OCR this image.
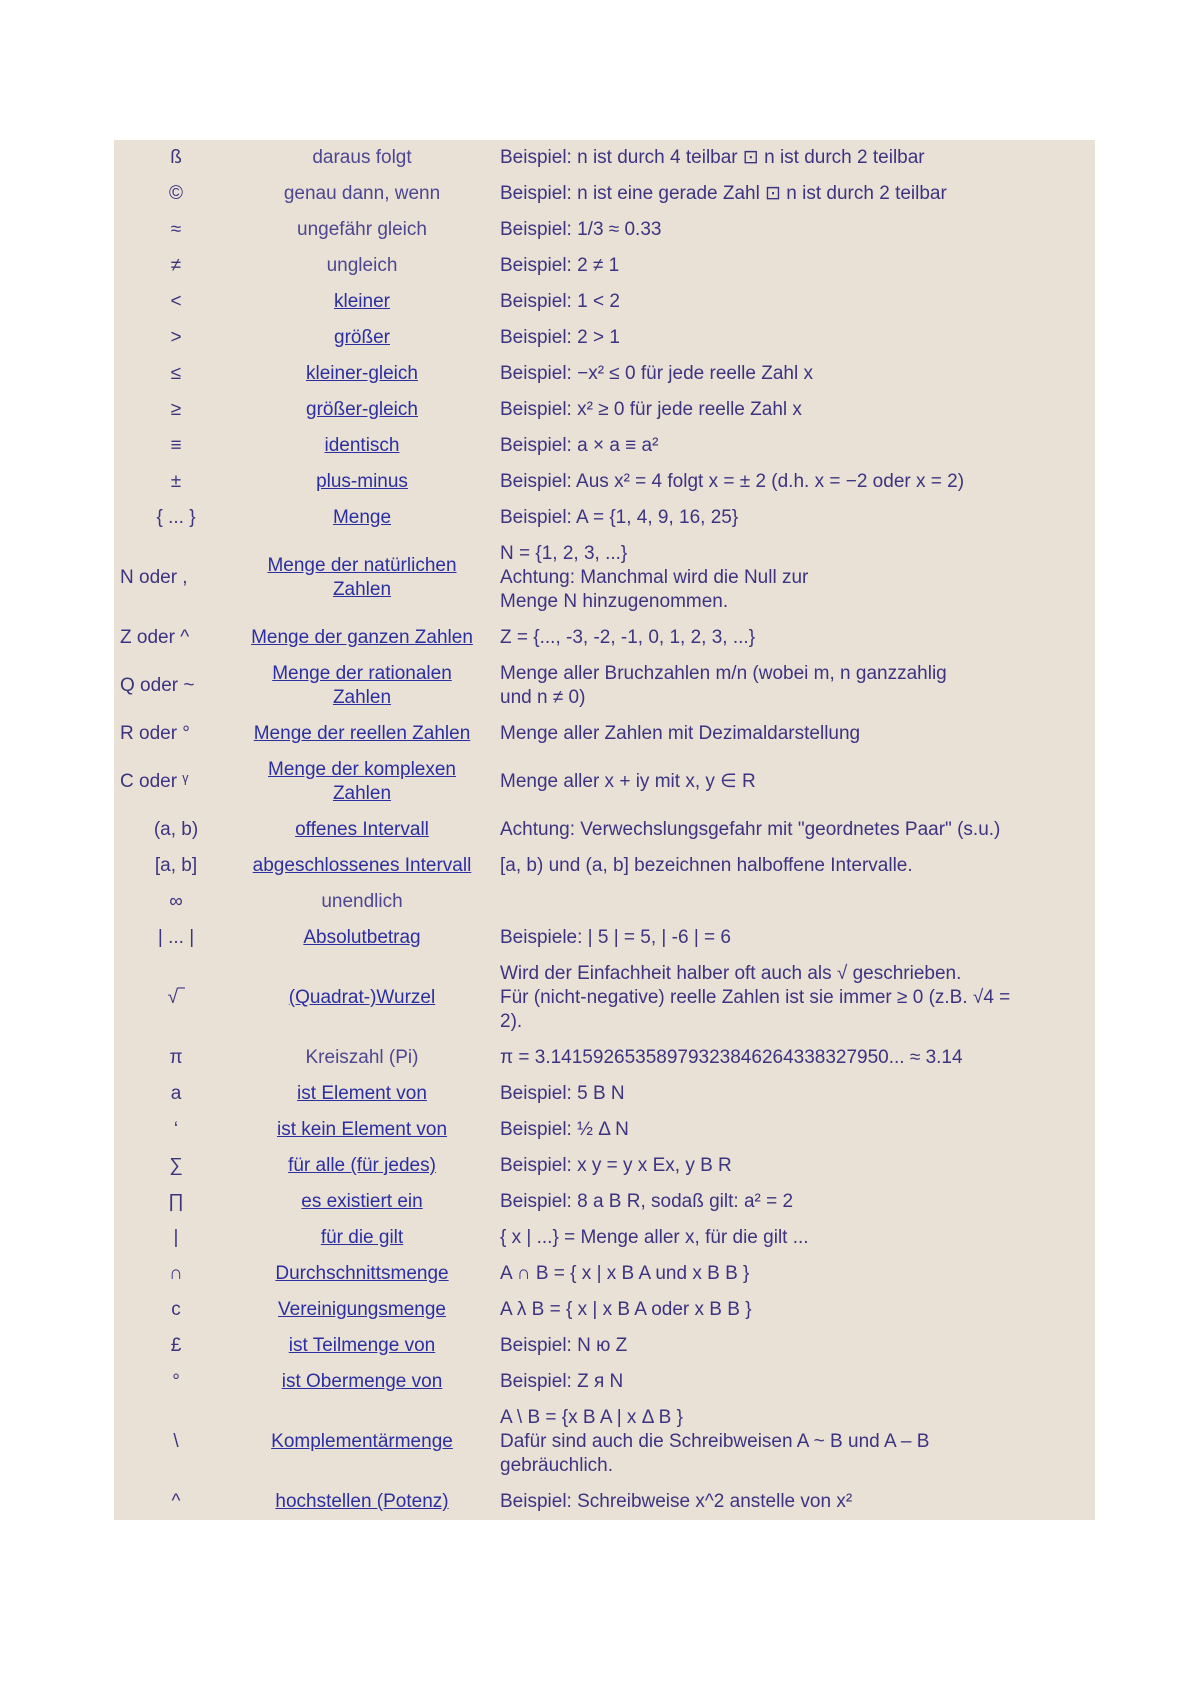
ß	daraus folgt	Beispiel: n ist durch 4 teilbar ⊡ n ist durch 2 teilbar
©	genau dann, wenn	Beispiel: n ist eine gerade Zahl ⊡ n ist durch 2 teilbar
≈	ungefähr gleich	Beispiel: 1/3 ≈ 0.33
≠	ungleich	Beispiel: 2 ≠ 1
<	kleiner	Beispiel: 1 < 2
>	größer	Beispiel: 2 > 1
≤	kleiner-gleich	Beispiel: −x² ≤ 0 für jede reelle Zahl x
≥	größer-gleich	Beispiel: x² ≥ 0 für jede reelle Zahl x
≡	identisch	Beispiel: a × a ≡ a²
±	plus-minus	Beispiel: Aus x² = 4 folgt x = ± 2 (d.h. x = −2 oder x = 2)
{ ... }	Menge	Beispiel: A = {1, 4, 9, 16, 25}
N oder ,	Menge der natürlichen Zahlen	N = {1, 2, 3, ...}
Achtung: Manchmal wird die Null zur
Menge N hinzugenommen.

Z oder ^	Menge der ganzen Zahlen	Z = {..., -3, -2, -1, 0, 1, 2, 3, ...}
Q oder ~	Menge der rationalen Zahlen	Menge aller Bruchzahlen m/n (wobei m, n ganzzahlig
und n ≠ 0)

R oder °	Menge der reellen Zahlen	Menge aller Zahlen mit Dezimaldarstellung
C oder ᵞ	Menge der komplexen Zahlen	Menge aller x + iy mit x, y ∈ R
(a, b)	offenes Intervall	Achtung: Verwechslungsgefahr mit "geordnetes Paar" (s.u.)
[a, b]	abgeschlossenes Intervall	[a, b) und (a, b] bezeichnen halboffene Intervalle.
∞	unendlich	
| ... |	Absolutbetrag	Beispiele: | 5 | = 5, | -6 | = 6
√‾	(Quadrat-)Wurzel	Wird der Einfachheit halber oft auch als √ geschrieben.
Für (nicht-negative) reelle Zahlen ist sie immer ≥ 0 (z.B. √4 =
2).

π	Kreiszahl (Pi)	π = 3.14159265358979323846264338327950... ≈ 3.14
a	ist Element von	Beispiel: 5 B N
‘	ist kein Element von	Beispiel: ½ Δ N
∑	für alle (für jedes)	Beispiel: x y = y x Ex, y B R
∏	es existiert ein	Beispiel: 8 a B R, sodaß gilt: a² = 2
|	für die gilt	{ x | ...} = Menge aller x, für die gilt ...
∩	Durchschnittsmenge	A ∩ B = { x | x B A und x B B }
c	Vereinigungsmenge	A λ B = { x | x B A oder x B B }
£	ist Teilmenge von	Beispiel: N ю Z
°	ist Obermenge von	Beispiel: Z я N
\	Komplementärmenge	A \ B = {x B A | x Δ B }
Dafür sind auch die Schreibweisen A ~ B und A – B
gebräuchlich.

^	hochstellen (Potenz)	Beispiel: Schreibweise x^2 anstelle von x²
